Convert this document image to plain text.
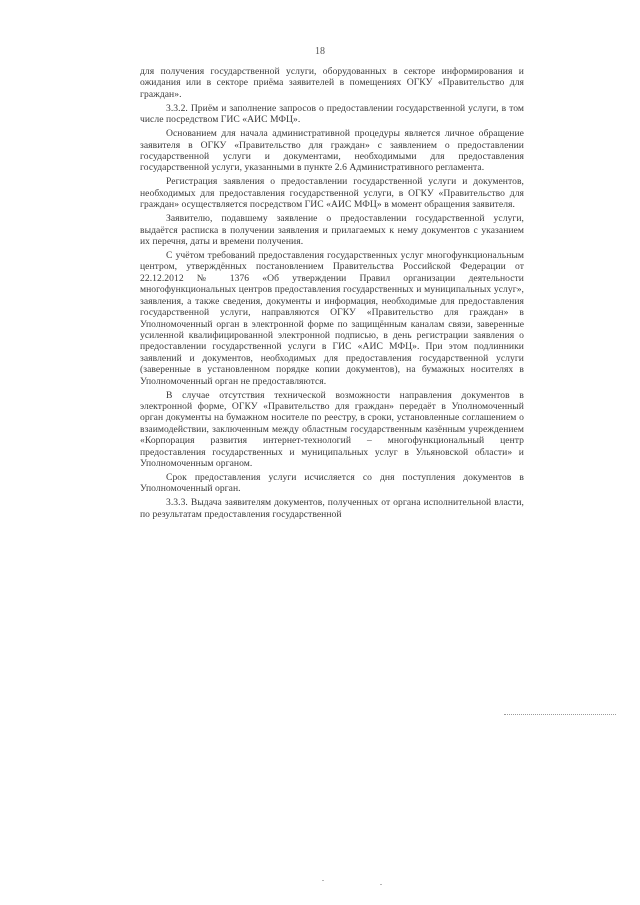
18

для получения государственной услуги, оборудованных в секторе информирования и ожидания или в секторе приёма заявителей в помещениях ОГКУ «Правительство для граждан».

3.3.2. Приём и заполнение запросов о предоставлении государственной услуги, в том числе посредством ГИС «АИС МФЦ».

Основанием для начала административной процедуры является личное обращение заявителя в ОГКУ «Правительство для граждан» с заявлением о предоставлении государственной услуги и документами, необходимыми для предоставления государственной услуги, указанными в пункте 2.6 Административного регламента.

Регистрация заявления о предоставлении государственной услуги и документов, необходимых для предоставления государственной услуги, в ОГКУ «Правительство для граждан» осуществляется посредством ГИС «АИС МФЦ» в момент обращения заявителя.

Заявителю, подавшему заявление о предоставлении государственной услуги, выдаётся расписка в получении заявления и прилагаемых к нему документов с указанием их перечня, даты и времени получения.

С учётом требований предоставления государственных услуг многофункциональным центром, утверждённых постановлением Правительства Российской Федерации от 22.12.2012 № 1376 «Об утверждении Правил организации деятельности многофункциональных центров предоставления государственных и муниципальных услуг», заявления, а также сведения, документы и информация, необходимые для предоставления государственной услуги, направляются ОГКУ «Правительство для граждан» в Уполномоченный орган в электронной форме по защищённым каналам связи, заверенные усиленной квалифицированной электронной подписью, в день регистрации заявления о предоставлении государственной услуги в ГИС «АИС МФЦ». При этом подлинники заявлений и документов, необходимых для предоставления государственной услуги (заверенные в установленном порядке копии документов), на бумажных носителях в Уполномоченный орган не предоставляются.

В случае отсутствия технической возможности направления документов в электронной форме, ОГКУ «Правительство для граждан» передаёт в Уполномоченный орган документы на бумажном носителе по реестру, в сроки, установленные соглашением о взаимодействии, заключенным между областным государственным казённым учреждением «Корпорация развития интернет-технологий – многофункциональный центр предоставления государственных и муниципальных услуг в Ульяновской области» и Уполномоченным органом.

Срок предоставления услуги исчисляется со дня поступления документов в Уполномоченный орган.

3.3.3. Выдача заявителям документов, полученных от органа исполнительной власти, по результатам предоставления государственной
